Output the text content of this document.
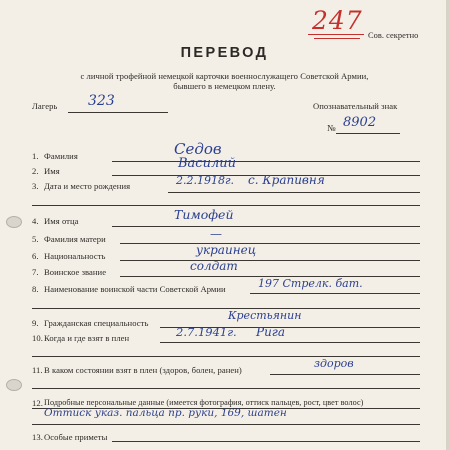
247
Сов. секретно
ПЕРЕВОД
с личной трофейной немецкой карточки военнослужащего Советской Армии,
бывшего в немецком плену.
Лагерь 323	Опознавательный знак
№ 8902
1. Фамилия	Седов
2. Имя	Василий
3. Дата и место рождения	2.2.1918г. с. Крапивня
4. Имя отца	Тимофей
5. Фамилия матери	—
6. Национальность	украинец
7. Воинское звание	солдат
8. Наименование воинской части Советской Армии	197 Стрелк. бат.
9. Гражданская специальность
Крестьянин
10. Когда и где взят в плен	2.7.1941г. Рига
11. В каком состоянии взят в плен (здоров, болен, ранен)	здоров
12. Подробные персональные данные (имеется фотография, оттиск пальцев, рост, цвет волос)
Оттиск указ. пальца пр. руки, 169, шатен
13. Особые приметы
